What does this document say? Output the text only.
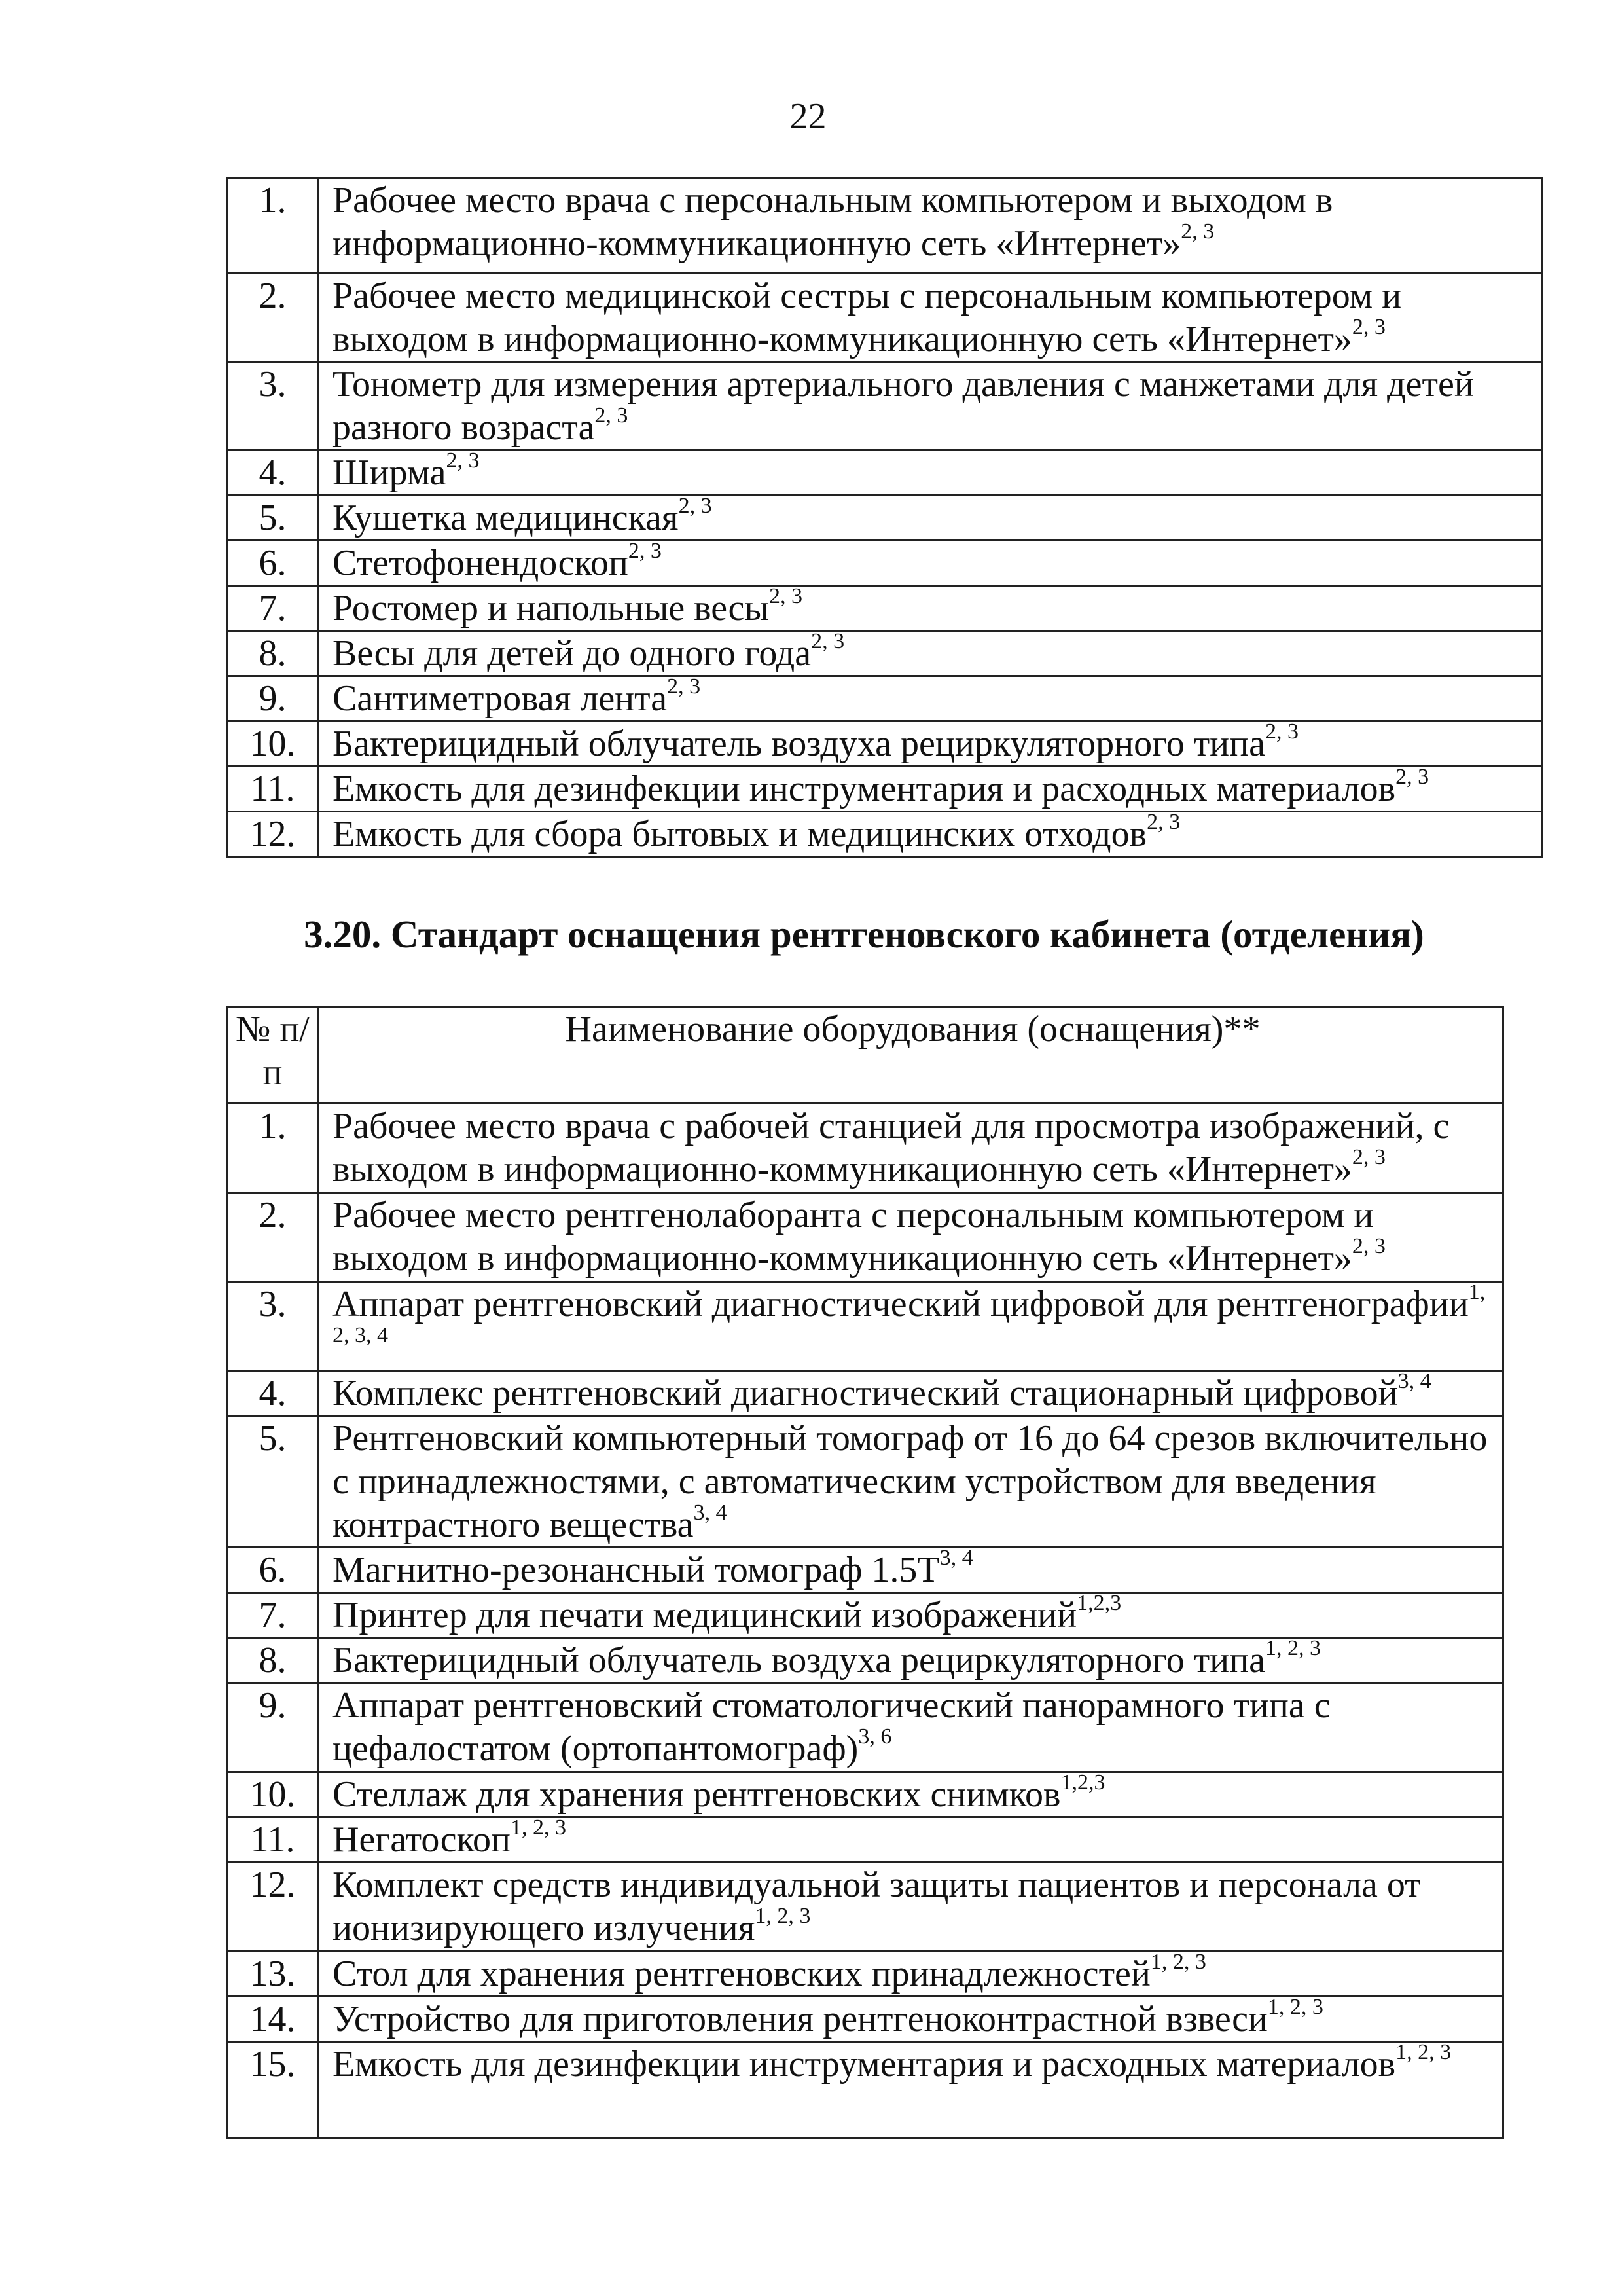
22
1.	Рабочее место врача с персональным компьютером и выходом в информационно-коммуникационную сеть «Интернет»$^{2, 3}$
2.	Рабочее место медицинской сестры с персональным компьютером и выходом в информационно-коммуникационную сеть «Интернет»$^{2, 3}$
3.	Тонометр для измерения артериального давления с манжетами для детей разного возраста$^{2, 3}$
4.	Ширма$^{2, 3}$
5.	Кушетка медицинская$^{2, 3}$
6.	Стетофонендоскоп$^{2, 3}$
7.	Ростомер и напольные весы$^{2, 3}$
8.	Весы для детей до одного года$^{2, 3}$
9.	Сантиметровая лента$^{2, 3}$
10.	Бактерицидный облучатель воздуха рециркуляторного типа$^{2, 3}$
11.	Емкость для дезинфекции инструментария и расходных материалов$^{2, 3}$
12.	Емкость для сбора бытовых и медицинских отходов$^{2, 3}$
3.20. Стандарт оснащения рентгеновского кабинета (отделения)
№ п/п	Наименование оборудования (оснащения)**
1.	Рабочее место врача с рабочей станцией для просмотра изображений, с выходом в информационно-коммуникационную сеть «Интернет»$^{2, 3}$
2.	Рабочее место рентгенолаборанта с персональным компьютером и выходом в информационно-коммуникационную сеть «Интернет»$^{2, 3}$
3.	Аппарат рентгеновский диагностический цифровой для рентгенографии$^{1, 2, 3, 4}$
4.	Комплекс рентгеновский диагностический стационарный цифровой$^{3, 4}$
5.	Рентгеновский компьютерный томограф от 16 до 64 срезов включительно с принадлежностями, с автоматическим устройством для введения контрастного вещества$^{3, 4}$
6.	Магнитно-резонансный томограф $1.5Т^{3, 4}$
7.	Принтер для печати медицинский изображений$^{1,2,3}$
8.	Бактерицидный облучатель воздуха рециркуляторного типа$^{1, 2, 3}$
9.	Аппарат рентгеновский стоматологический панорамного типа с цефалостатом (ортопантомограф)$^{3, 6}$
10.	Стеллаж для хранения рентгеновских снимков$^{1,2,3}$
11.	Негатоскоп$^{1, 2, 3}$
12.	Комплект средств индивидуальной защиты пациентов и персонала от ионизирующего излучения$^{1, 2, 3}$
13.	Стол для хранения рентгеновских принадлежностей$^{1, 2, 3}$
14.	Устройство для приготовления рентгеноконтрастной взвеси$^{1, 2, 3}$
15.	Емкость для дезинфекции инструментария и расходных материалов$^{1, 2, 3}$
